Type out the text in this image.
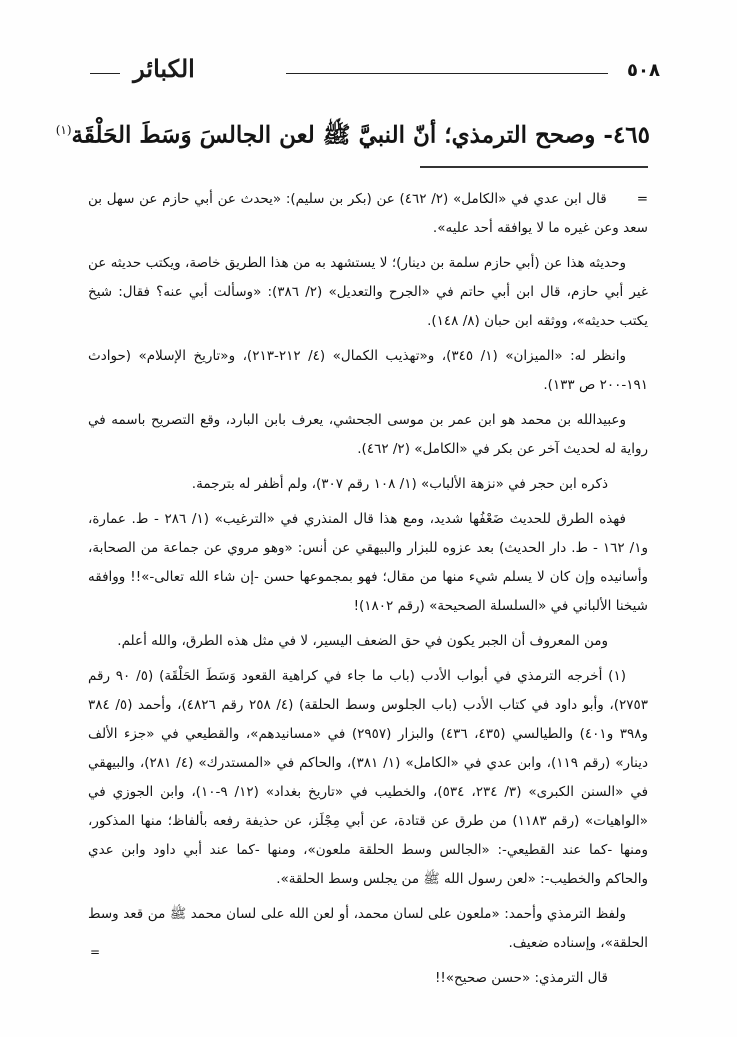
٥٠٨
الكبائر
٤٦٥- وصحح الترمذي؛ أنّ النبيَّ ﷺ لعن الجالسَ وَسَطَ الحَلْقَة$^{(١)}$

=قال ابن عدي في «الكامل» (٢/ ٤٦٢) عن (بكر بن سليم): «يحدث عن أبي حازم عن سهل بن سعد وعن غيره ما لا يوافقه أحد عليه».

وحديثه هذا عن (أبي حازم سلمة بن دينار)؛ لا يستشهد به من هذا الطريق خاصة، ويكتب حديثه عن غير أبي حازم، قال ابن أبي حاتم في «الجرح والتعديل» (٢/ ٣٨٦): «وسألت أبي عنه؟ فقال: شيخ يكتب حديثه»، ووثقه ابن حبان (٨/ ١٤٨).

وانظر له: «الميزان» (١/ ٣٤٥)، و«تهذيب الكمال» (٤/ ٢١٢-٢١٣)، و«تاريخ الإسلام» (حوادث ١٩١-٢٠٠ ص ١٣٣).

وعبيدالله بن محمد هو ابن عمر بن موسى الجحشي، يعرف بابن البارد، وقع التصريح باسمه في رواية له لحديث آخر عن بكر في «الكامل» (٢/ ٤٦٢).

ذكره ابن حجر في «نزهة الألباب» (١/ ١٠٨ رقم ٣٠٧)، ولم أظفر له بترجمة.

فهذه الطرق للحديث ضَعْفُها شديد، ومع هذا قال المنذري في «الترغيب» (١/ ٢٨٦ - ط. عمارة، و١/ ١٦٢ - ط. دار الحديث) بعد عزوه للبزار والبيهقي عن أنس: «وهو مروي عن جماعة من الصحابة، وأسانيده وإن كان لا يسلم شيء منها من مقال؛ فهو بمجموعها حسن -إن شاء الله تعالى-»!! ووافقه شيخنا الألباني في «السلسلة الصحيحة» (رقم ١٨٠٢)!

ومن المعروف أن الجبر يكون في حق الضعف اليسير، لا في مثل هذه الطرق، والله أعلم.

(١) أخرجه الترمذي في أبواب الأدب (باب ما جاء في كراهية القعود وَسَطَ الحَلْقَة) (٥/ ٩٠ رقم ٢٧٥٣)، وأبو داود في كتاب الأدب (باب الجلوس وسط الحلقة) (٤/ ٢٥٨ رقم ٤٨٢٦)، وأحمد (٥/ ٣٨٤ و٣٩٨ و٤٠١) والطيالسي (٤٣٥، ٤٣٦) والبزار (٢٩٥٧) في «مسانيدهم»، والقطيعي في «جزء الألف دينار» (رقم ١١٩)، وابن عدي في «الكامل» (١/ ٣٨١)، والحاكم في «المستدرك» (٤/ ٢٨١)، والبيهقي في «السنن الكبرى» (٣/ ٢٣٤، ٥٣٤)، والخطيب في «تاريخ بغداد» (١٢/ ٩-١٠)، وابن الجوزي في «الواهيات» (رقم ١١٨٣) من طرق عن قتادة، عن أبي مِجْلَز، عن حذيفة رفعه بألفاظ؛ منها المذكور، ومنها -كما عند القطيعي-: «الجالس وسط الحلقة ملعون»، ومنها -كما عند أبي داود وابن عدي والحاكم والخطيب-: «لعن رسول الله ﷺ من يجلس وسط الحلقة».

ولفظ الترمذي وأحمد: «ملعون على لسان محمد، أو لعن الله على لسان محمد ﷺ من قعد وسط الحلقة»، وإسناده ضعيف.

قال الترمذي: «حسن صحيح»!!

=
